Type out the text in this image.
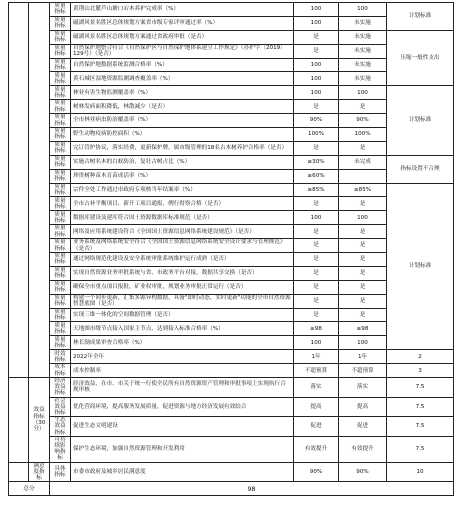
		质量指标	黄荆山北麓芦山塘口宕木养护完成率（%）	100	100	计划标准
		质量指标	磁湖风景名胜区总体规划方案省市级专家评审通过率（%）	100	未实施	
		质量指标	磁湖风景名胜区总体规划方案通过省政府审批（是否）	是	未实施	压缩一般性支出
		质量指标	自然保护地整合符合《自然保护区与自然保护地体系建立工作规定》（办护字〔2019〕129号）（是否）	是	未实施	
		质量指标	自然保护地数据系统监测合格率（%）	100	未实施	
		质量指标	黄石城区湿地资源监测调查覆盖率（%）	100	未实施	
		质量指标	林业有害生物监测覆盖率（%）	100	100	计划标准
		质量指标	树林发病面积降低，林散减少（是否）	是	是	
		质量指标	全市林业病虫防治覆盖率（%）	90%	90%	
		质量指标	野生动物疫病防控面积（%）	100%	100%	
		质量指标	完订管护协议，落实经费，更新保护牌，属市级管理的18名古木树养护合格率（是否）	是	是	
		质量指标	实施古树名木的白蚁防治，复壮古树占比（%）	≥30%	未完成	指标设置不合理
		质量指标	珍贵树种苗木育苗成活率（%）	≥60%		
		质量指标	宗件全处工作通过市政府专项核当年结案率（%）	≥85%	≥85%	计划标准
		质量指标	全市占补平衡项目，新开工项目通报，例行督察合格（是否）	是	是	
		质量指标	数据库建设及建库符合国土资源数据库标准规范（是否）	100	100	
		质量指标	网络及应用系统建设符合《全国国土资源信息网络系统建设规范》（是否）	是	是	
		质量指标	业务系统及网络系统安全符合《全国国土资源信息网络系统安全设计要求与管理规范》（是否）	是	是	
		质量指标	通过网络规范化建设及安全系统审批系统维护运行成熟（是否）	是	是	
		质量指标	实现自然资源业务审批系统与省、市政务平台对接，数据共享交换（是否）	是	是	
		质量指标	确保全市重点项目报批，矿业权审批，规划业务审批正常运行（是否）	是	是	
		质量指标	构建一个同步更新，汇集多源异构数据，具备"即时动态，实时更新"功能的全市自然资源智慧底图（是否）	是	是	
		质量指标	实现三维一体化的空间数据管理（是否）	是	是	
		质量指标	天地图市级节点接入国家主节点，达到接入标准合格率（%）	≥98	≥98	
		质量指标	林长制成果审查合格率（%）	100	100	
		时效指标	2022年全年	1年	1年	2
		成本指标	成本控制率	不超预算	不超预算	3
	效益指标（30分）	经济效益指标	经济效益，在市、市关于统一行使全民所有自然资源资产管理和审批事项上实现执行合规审核	落实	落实	7.5
		社会效益指标	优化营商环境，提高服务发展质量，促进资源与地方经济发展有效结合	提高	提高	7.5
		生态效益指标	促进生态文明建设	促进	促进	7.5
		可持续影响指标	保护生态环境，加强自然资源管理和开发利用	有效提升	有效提升	7.5
	满意度指标	具体指标	市委市政府及城乡居民满意度	90%	90%	10
总分		98				
